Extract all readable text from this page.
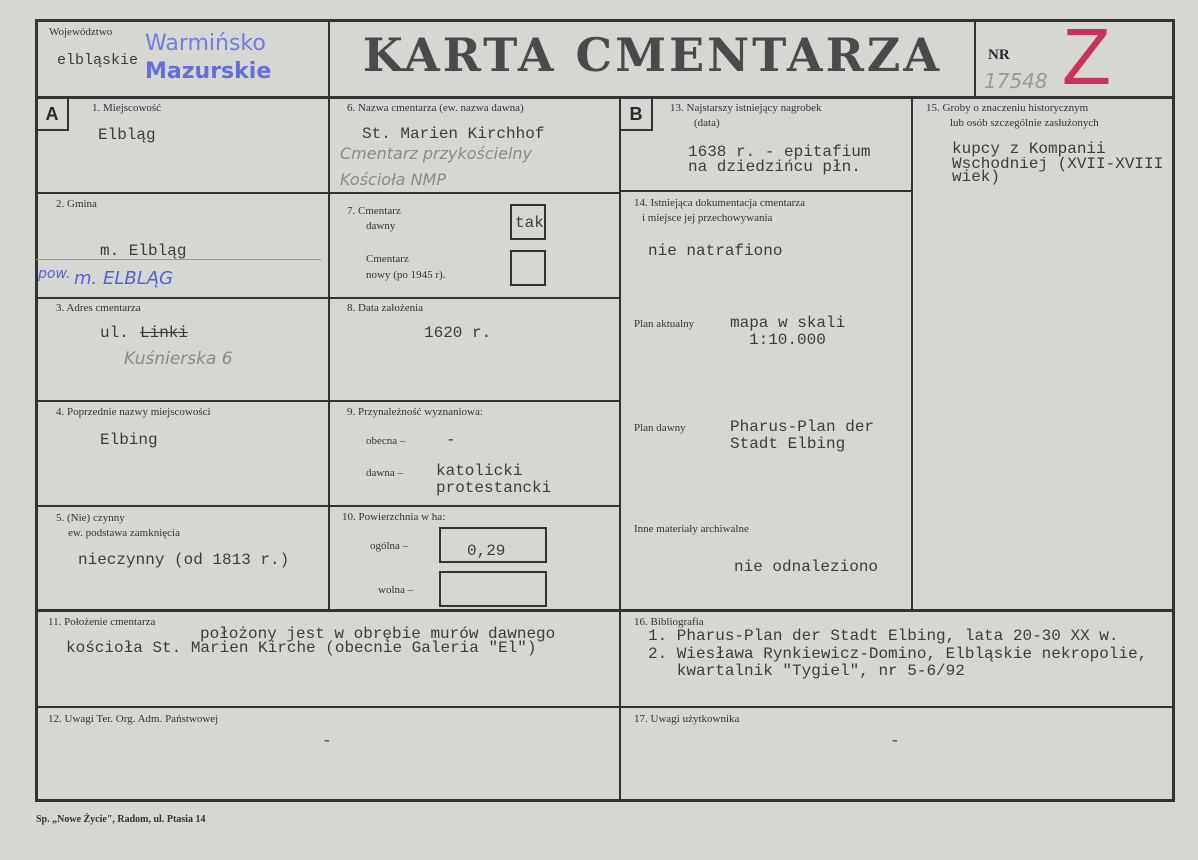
Województwo
elbląskie
Warmińsko
Mazurskie	KARTA CMENTARZA	NR
17548 Z
A	1. Miejscowość
Elbląg
2. Gmina
m. Elbląg
pow. m. ELBLĄG
3. Adres cmentarza
ul. Linki
Kuśnierska 6
4. Poprzednie nazwy miejscowości
Elbing
5. (Nie) czynny
ew. podstawa zamknięcia
nieczynny (od 1813 r.)
6. Nazwa cmentarza (ew. nazwa dawna)
St. Marien Kirchhof
Cmentarz przykościelny
Kościoła NMP
7. Cmentarz
dawny	tak
Cmentarz
nowy (po 1945 r).
8. Data założenia
1620 r.
9. Przynależność wyznaniowa:
obecna –	-
dawna – katolicki
protestancki
10. Powierzchnia w ha:
ogólna –	0,29
wolna –
B	13. Najstarszy istniejący nagrobek
(data)
1638 r. - epitafium
na dziedzińcu płn.
14. Istniejąca dokumentacja cmentarza
i miejsce jej przechowywania
nie natrafiono
Plan aktualny mapa w skali
1:10.000
Plan dawny	Pharus-Plan der
Stadt Elbing
Inne materiały archiwalne
nie odnaleziono
15. Groby o znaczeniu historycznym
lub osób szczególnie zasłużonych
kupcy z Kompanii
Wschodniej (XVII-XVIII
wiek)
11. Położenie cmentarza
położony jest w obrębie murów dawnego
kościoła St. Marien Kirche (obecnie Galeria "El")
12. Uwagi Ter. Org. Adm. Państwowej
-
16. Bibliografia
1. Pharus-Plan der Stadt Elbing, lata 20-30 XX w.
2. Wiesława Rynkiewicz-Domino, Elbląskie nekropolie,
kwartalnik "Tygiel", nr 5-6/92
17. Uwagi użytkownika
-
Sp. „Nowe Życie", Radom, ul. Ptasia 14
